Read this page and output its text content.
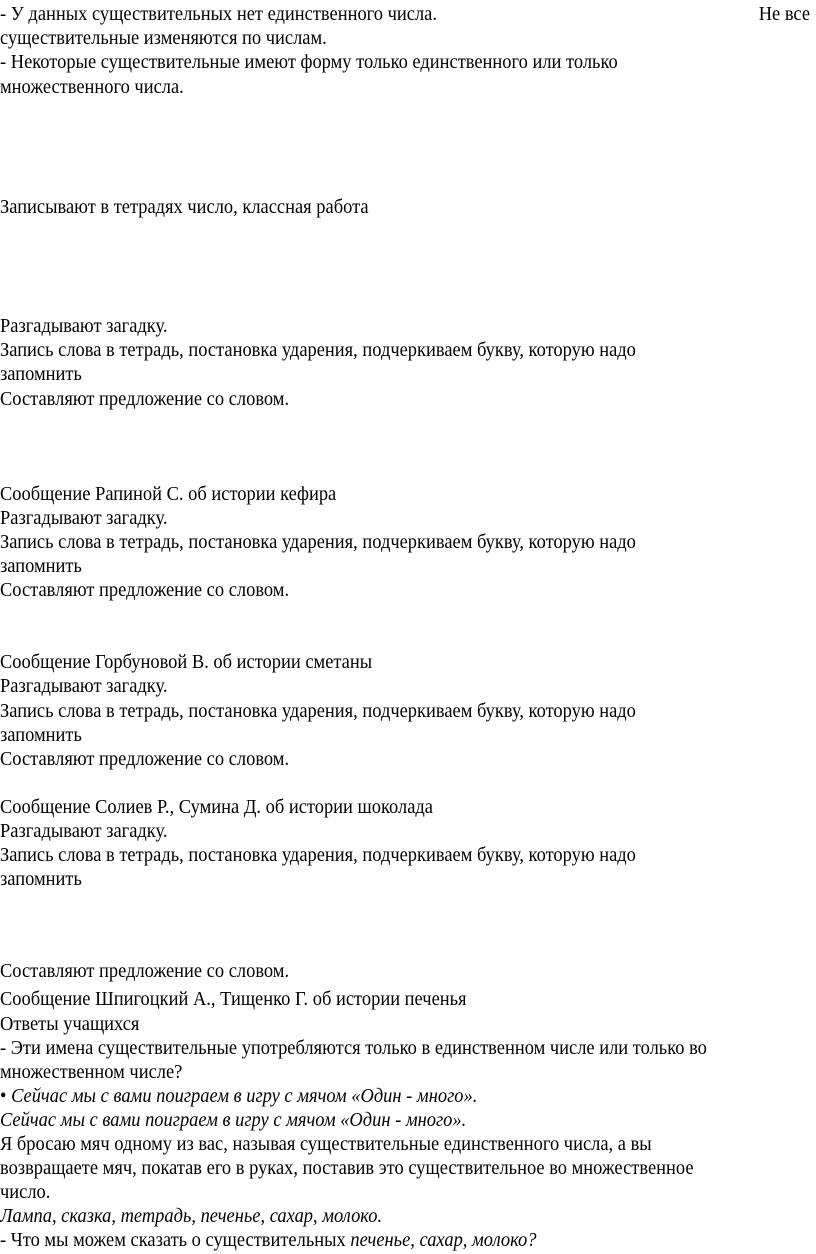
- У данных существительных нет единственного числа.	Не все
существительные изменяются по числам.
- Некоторые существительные имеют форму только единственного или только
множественного числа.
Записывают в тетрадях число, классная работа
Разгадывают загадку.
Запись слова в тетрадь, постановка ударения, подчеркиваем букву, которую надо
запомнить
Составляют предложение со словом.
Сообщение Рапиной С. об истории кефира
Разгадывают загадку.
Запись слова в тетрадь, постановка ударения, подчеркиваем букву, которую надо
запомнить
Составляют предложение со словом.
Сообщение Горбуновой В. об истории сметаны
Разгадывают загадку.
Запись слова в тетрадь, постановка ударения, подчеркиваем букву, которую надо
запомнить
Составляют предложение со словом.
Сообщение Солиев Р., Сумина Д. об истории шоколада
Разгадывают загадку.
Запись слова в тетрадь, постановка ударения, подчеркиваем букву, которую надо
запомнить
Составляют предложение со словом.
Сообщение Шпигоцкий А., Тищенко Г. об истории печенья
Ответы учащихся
- Эти имена существительные употребляются только в единственном числе или только во
множественном числе?
• Сейчас мы с вами поиграем в игру с мячом «Один - много».
Сейчас мы с вами поиграем в игру с мячом «Один - много».
Я бросаю мяч одному из вас, называя существительные единственного числа, а вы
возвращаете мяч, покатав его в руках, поставив это существительное во множественное
число.
Лампа, сказка, тетрадь, печенье, сахар, молоко.
- Что мы можем сказать о существительных печенье, сахар, молоко?
